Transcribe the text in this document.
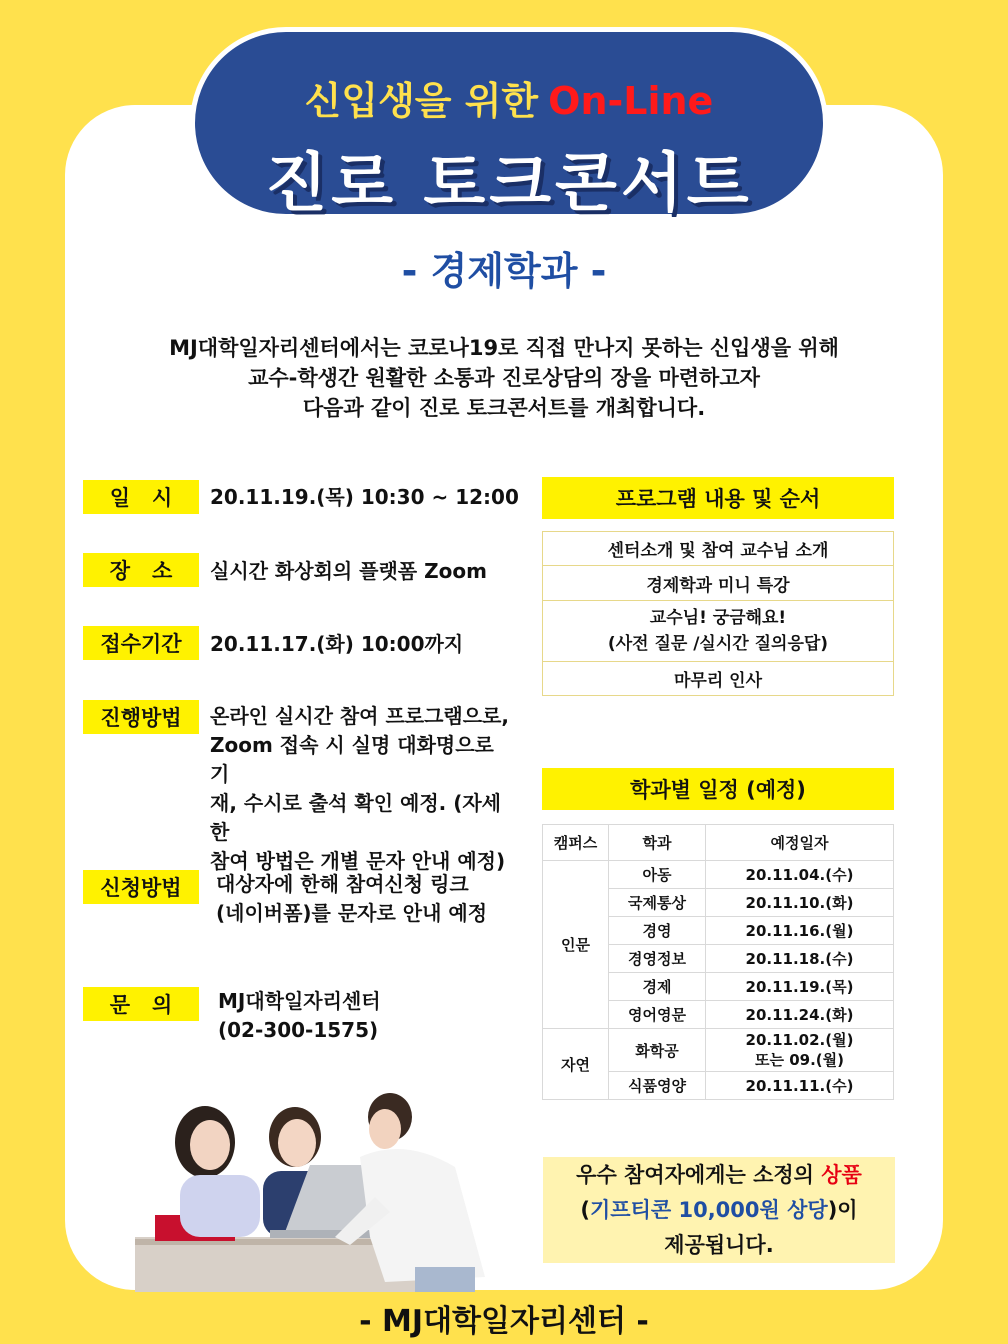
신입생을 위한 On-Line
진로 토크콘서트
- 경제학과 -
MJ대학일자리센터에서는 코로나19로 직접 만나지 못하는 신입생을 위해
교수-학생간 원활한 소통과 진로상담의 장을 마련하고자
다음과 같이 진로 토크콘서트를 개최합니다.
일시 20.11.19.(목) 10:30 ~ 12:00
장소 실시간 화상회의 플랫폼 Zoom
접수기간	20.11.17.(화) 10:00까지
진행방법	온라인 실시간 참여 프로그램으로,
Zoom 접속 시 실명 대화명으로 기
재, 수시로 출석 확인 예정. (자세한
참여 방법은 개별 문자 안내 예정)
신청방법	대상자에 한해 참여신청 링크
(네이버폼)를 문자로 안내 예정
문의 MJ대학일자리센터
(02-300-1575)
프로그램 내용 및 순서
센터소개 및 참여 교수님 소개
경제학과 미니 특강

교수님! 궁금해요!
(사전 질문 /실시간 질의응답)

마무리 인사
학과별 일정 (예정)
캠퍼스	학과	예정일자
인문	아동	20.11.04.(수)
	국제통상	20.11.10.(화)
	경영	20.11.16.(월)
	경영정보	20.11.18.(수)
	경제	20.11.19.(목)
	영어영문	20.11.24.(화)
자연	화학공	20.11.02.(월)
또는 09.(월)

	식품영양	20.11.11.(수)
우수 참여자에게는 소정의 상품
(기프티콘 10,000원 상당)이
제공됩니다.
- MJ대학일자리센터 -
